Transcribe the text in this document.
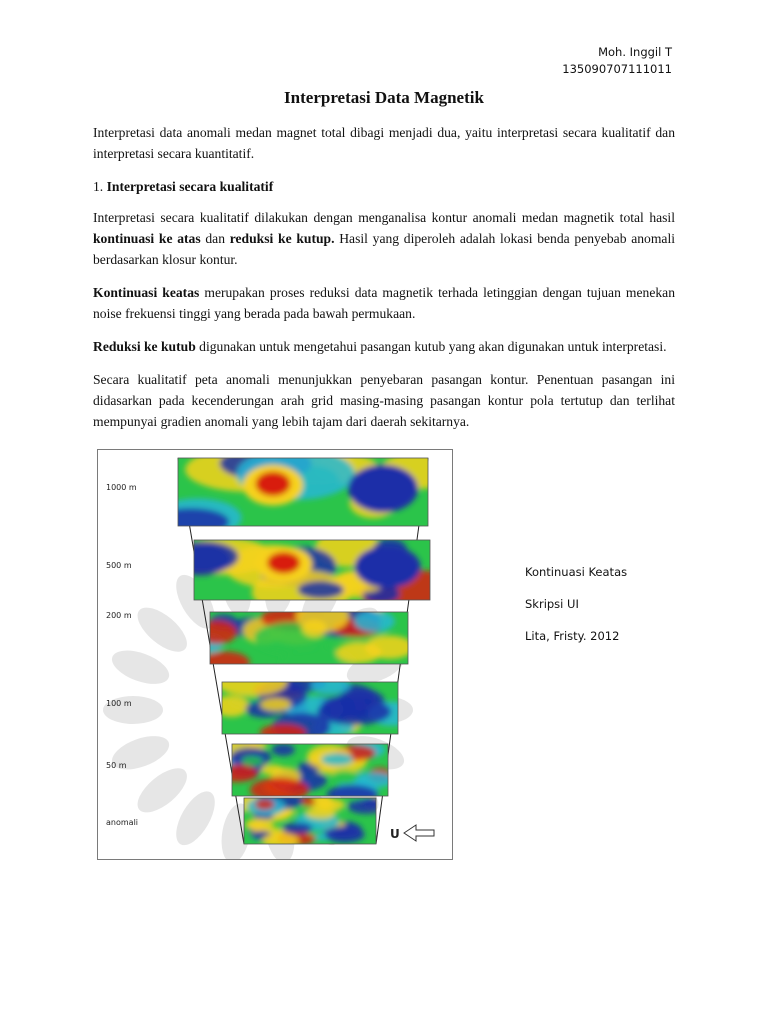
Moh. Inggil T
135090707111011
Interpretasi Data Magnetik

Interpretasi data anomali medan magnet total dibagi menjadi dua, yaitu interpretasi secara kualitatif dan interpretasi secara kuantitatif.

1. Interpretasi secara kualitatif

Interpretasi secara kualitatif dilakukan dengan menganalisa kontur anomali medan magnetik total hasil kontinuasi ke atas dan reduksi ke kutup. Hasil yang diperoleh adalah lokasi benda penyebab anomali berdasarkan klosur kontur.

Kontinuasi keatas merupakan proses reduksi data magnetik terhada letinggian dengan tujuan menekan noise frekuensi tinggi yang berada pada bawah permukaan.

Reduksi ke kutub digunakan untuk mengetahui pasangan kutub yang akan digunakan untuk interpretasi.

Secara kualitatif peta anomali menunjukkan penyebaran pasangan kontur. Penentuan pasangan ini didasarkan pada kecenderungan arah grid masing-masing pasangan kontur pola tertutup dan terlihat mempunyai gradien anomali yang lebih tajam dari daerah sekitarnya.

1000 m
500 m
200 m
100 m
50 m
anomali
U
Kontinuasi Keatas
Skripsi UI
Lita, Fristy. 2012
